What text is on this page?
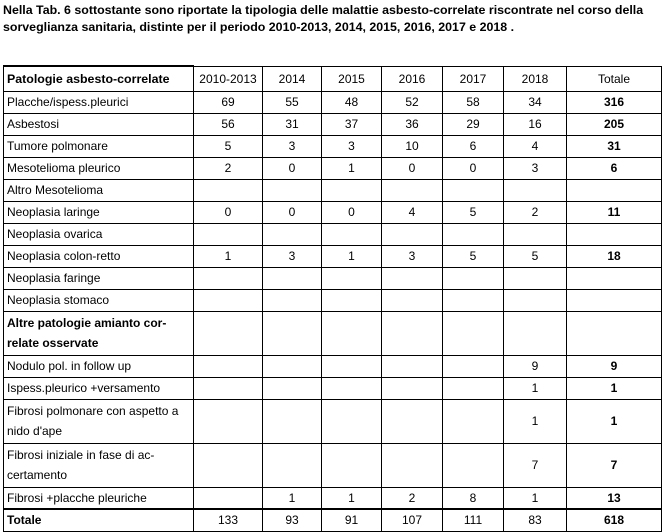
Nella Tab. 6 sottostante sono riportate la tipologia delle malattie asbesto-correlate riscontrate nel corso della sorveglianza sanitaria, distinte per il periodo 2010-2013, 2014, 2015, 2016, 2017 e 2018 .
Patologie asbesto-correlate	2010-2013	2014	2015	2016	2017	2018	Totale
Placche/ispess.pleurici	69	55	48	52	58	34	316
Asbestosi	56	31	37	36	29	16	205
Tumore polmonare	5	3	3	10	6	4	31
Mesotelioma pleurico	2	0	1	0	0	3	6
Altro Mesotelioma							
Neoplasia laringe	0	0	0	4	5	2	11
Neoplasia ovarica							
Neoplasia colon-retto	1	3	1	3	5	5	18
Neoplasia faringe							
Neoplasia stomaco							
Altre patologie amianto cor-relate osservate							
Nodulo pol. in follow up						9	9
Ispess.pleurico +versamento						1	1
Fibrosi polmonare con aspetto a nido d'ape						1	1
Fibrosi iniziale in fase di ac-certamento						7	7
Fibrosi +placche pleuriche		1	1	2	8	1	13
Totale	133	93	91	107	111	83	618
